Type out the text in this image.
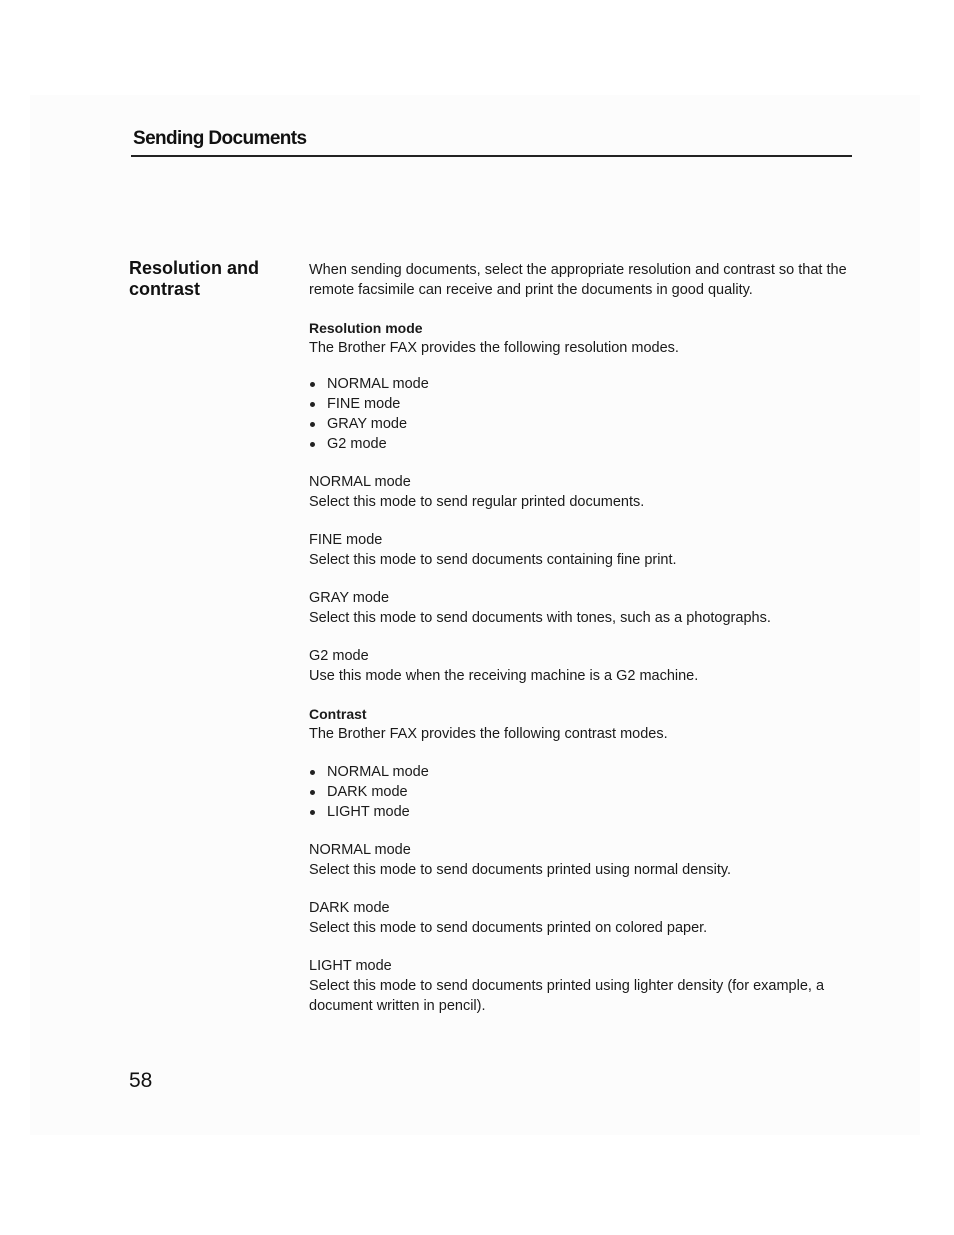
Sending Documents
Resolution and
contrast

When sending documents, select the appropriate resolution and contrast so that the remote facsimile can receive and print the documents in good quality.

Resolution mode

The Brother FAX provides the following resolution modes.

NORMAL mode
FINE mode
GRAY mode
G2 mode

NORMAL mode

Select this mode to send regular printed documents.

FINE mode

Select this mode to send documents containing fine print.

GRAY mode

Select this mode to send documents with tones, such as a photographs.

G2 mode

Use this mode when the receiving machine is a G2 machine.

Contrast

The Brother FAX provides the following contrast modes.

NORMAL mode
DARK mode
LIGHT mode

NORMAL mode

Select this mode to send documents printed using normal density.

DARK mode

Select this mode to send documents printed on colored paper.

LIGHT mode

Select this mode to send documents printed using lighter density (for example, a document written in pencil).

58
